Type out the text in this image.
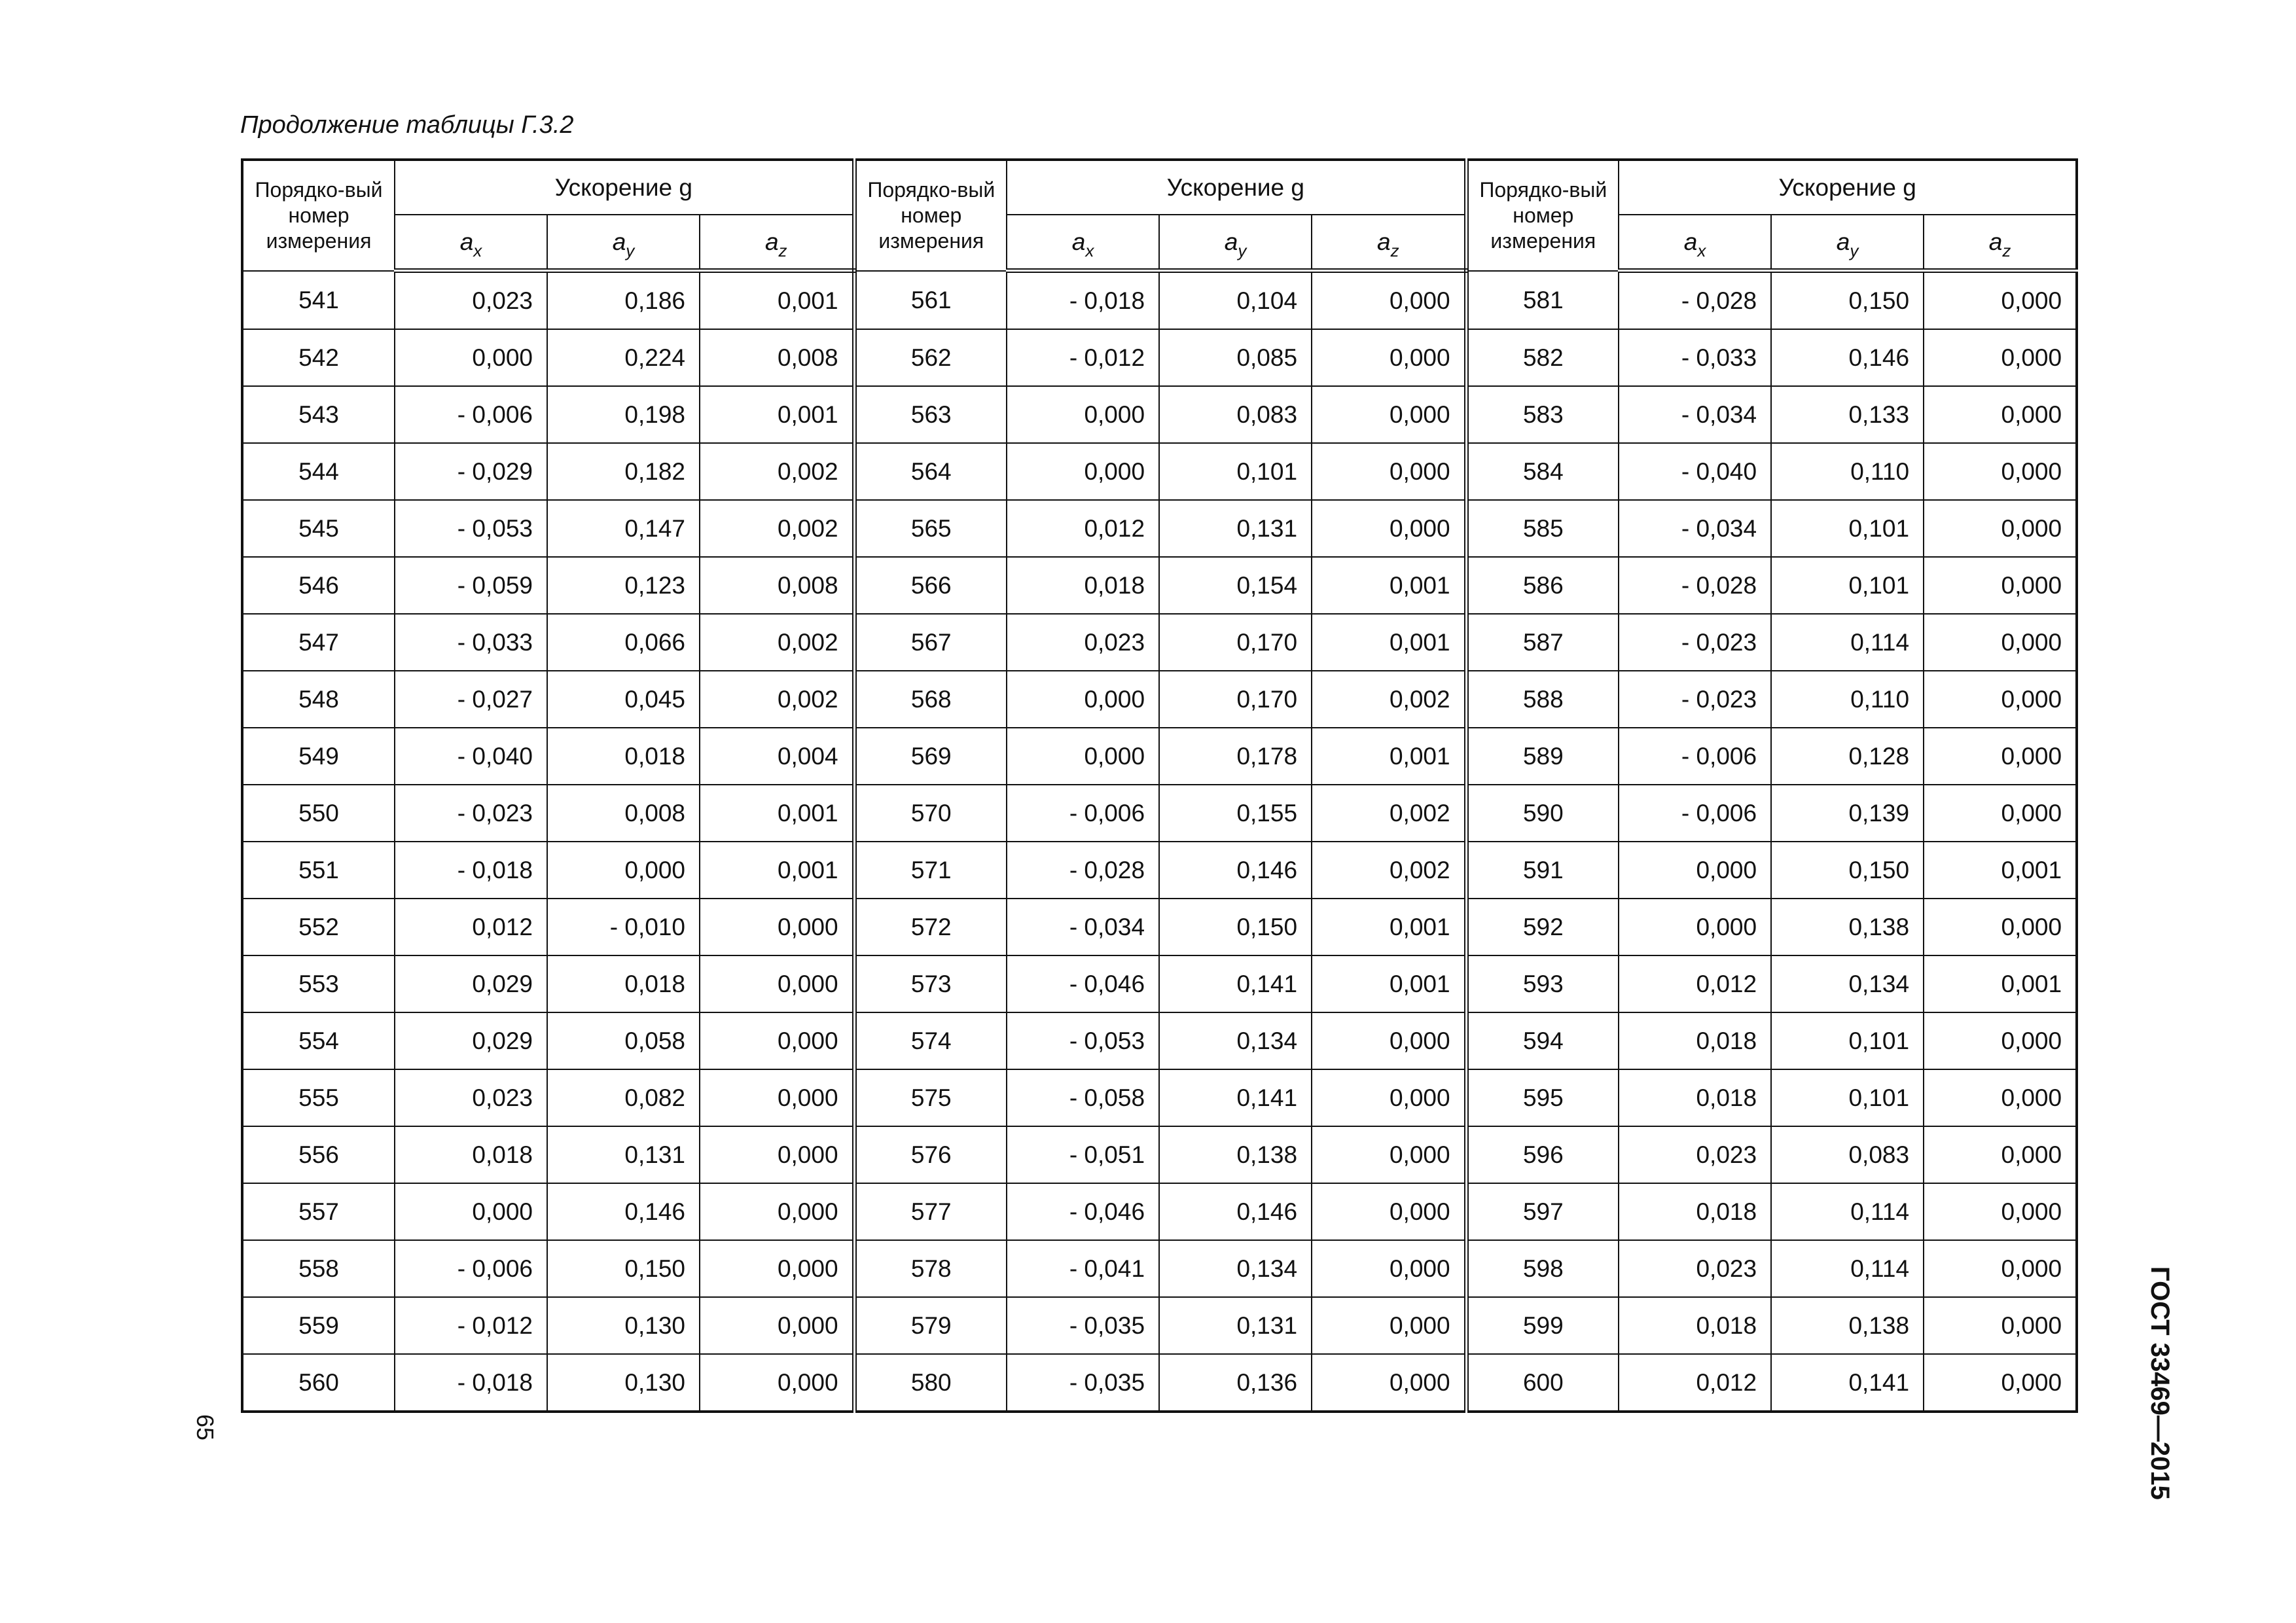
Продолжение таблицы Г.3.2
Порядко-вый номер измерения	Ускорение g			Порядко-вый номер измерения	Ускорение g			Порядко-вый номер измерения	Ускорение g		
	$a_x$	$a_y$	$a_z$		$a_x$	$a_y$	$a_z$		$a_x$	$a_y$	$a_z$
541	0,023	0,186	0,001	561	- 0,018	0,104	0,000	581	- 0,028	0,150	0,000
542	0,000	0,224	0,008	562	- 0,012	0,085	0,000	582	- 0,033	0,146	0,000
543	- 0,006	0,198	0,001	563	0,000	0,083	0,000	583	- 0,034	0,133	0,000
544	- 0,029	0,182	0,002	564	0,000	0,101	0,000	584	- 0,040	0,110	0,000
545	- 0,053	0,147	0,002	565	0,012	0,131	0,000	585	- 0,034	0,101	0,000
546	- 0,059	0,123	0,008	566	0,018	0,154	0,001	586	- 0,028	0,101	0,000
547	- 0,033	0,066	0,002	567	0,023	0,170	0,001	587	- 0,023	0,114	0,000
548	- 0,027	0,045	0,002	568	0,000	0,170	0,002	588	- 0,023	0,110	0,000
549	- 0,040	0,018	0,004	569	0,000	0,178	0,001	589	- 0,006	0,128	0,000
550	- 0,023	0,008	0,001	570	- 0,006	0,155	0,002	590	- 0,006	0,139	0,000
551	- 0,018	0,000	0,001	571	- 0,028	0,146	0,002	591	0,000	0,150	0,001
552	0,012	- 0,010	0,000	572	- 0,034	0,150	0,001	592	0,000	0,138	0,000
553	0,029	0,018	0,000	573	- 0,046	0,141	0,001	593	0,012	0,134	0,001
554	0,029	0,058	0,000	574	- 0,053	0,134	0,000	594	0,018	0,101	0,000
555	0,023	0,082	0,000	575	- 0,058	0,141	0,000	595	0,018	0,101	0,000
556	0,018	0,131	0,000	576	- 0,051	0,138	0,000	596	0,023	0,083	0,000
557	0,000	0,146	0,000	577	- 0,046	0,146	0,000	597	0,018	0,114	0,000
558	- 0,006	0,150	0,000	578	- 0,041	0,134	0,000	598	0,023	0,114	0,000
559	- 0,012	0,130	0,000	579	- 0,035	0,131	0,000	599	0,018	0,138	0,000
560	- 0,018	0,130	0,000	580	- 0,035	0,136	0,000	600	0,012	0,141	0,000
65	ГОСТ 33469—2015
